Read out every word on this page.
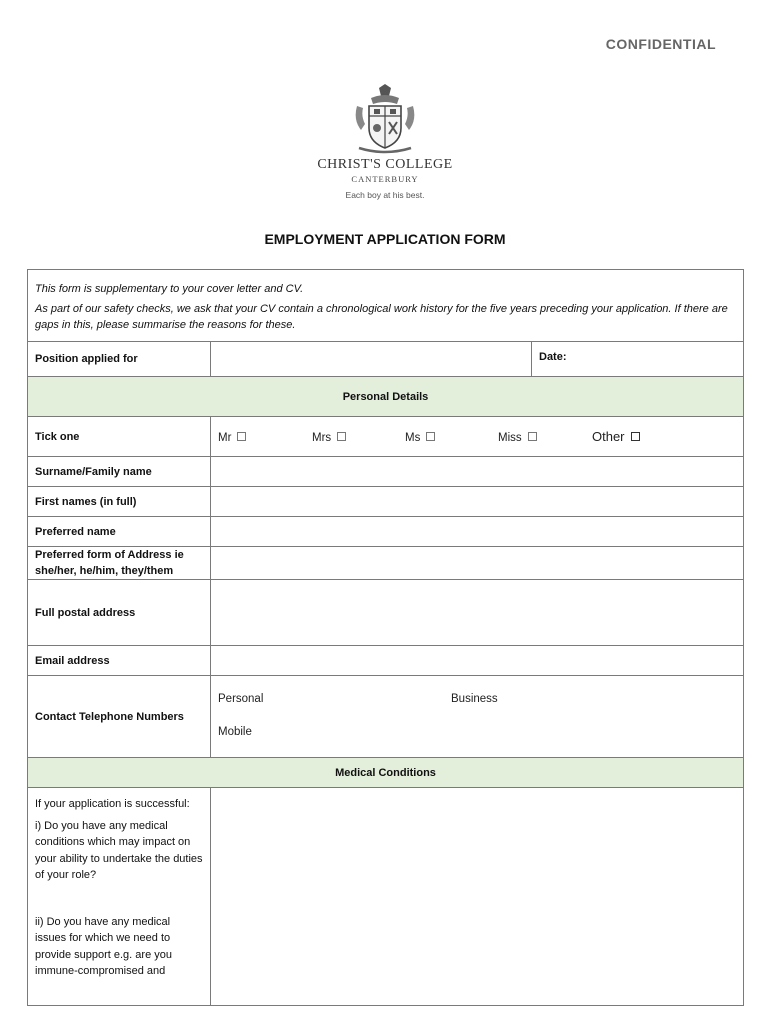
CONFIDENTIAL
CHRIST'S COLLEGE
CANTERBURY
Each boy at his best.
EMPLOYMENT APPLICATION FORM

This form is supplementary to your cover letter and CV.

As part of our safety checks, we ask that your CV contain a chronological work history for the five years preceding your application. If there are gaps in this, please summarise the reasons for these.		

Position applied for		Date:
Personal Details		
Tick one	Mr Mrs Ms Miss Other	
Surname/Family name		
First names (in full)		
Preferred name		
Preferred form of Address ie she/her, he/him, they/them		
Full postal address		
Email address		
Contact Telephone Numbers	Personal Business
Mobile	

Medical Conditions		

If your application is successful:

i) Do you have any medical conditions which may impact on your ability to undertake the duties of your role?

ii) Do you have any medical issues for which we need to provide support e.g. are you immune-compromised and		
